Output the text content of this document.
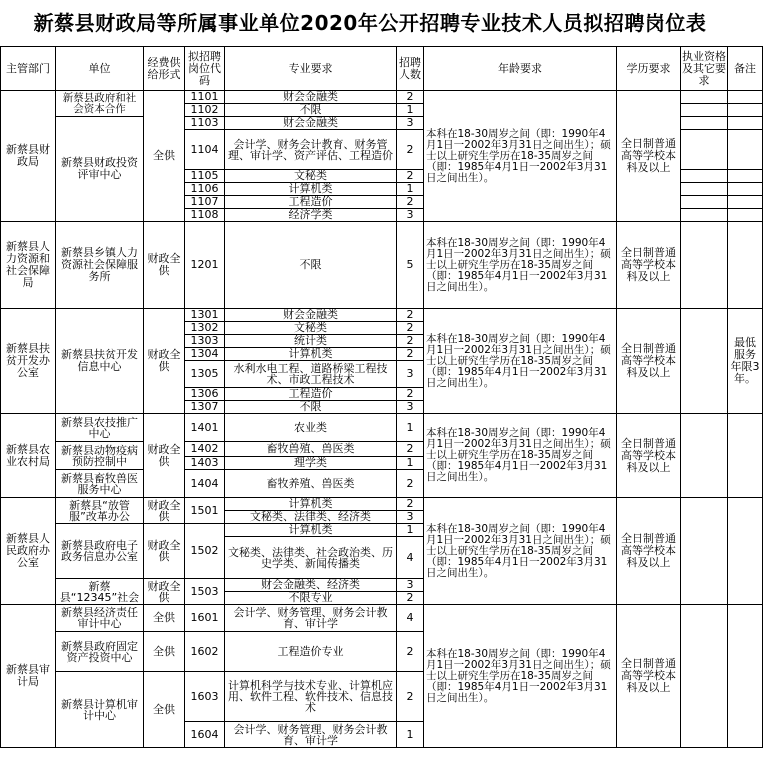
新蔡县财政局等所属事业单位2020年公开招聘专业技术人员拟招聘岗位表
主管部门	单位	经费供给形式	拟招聘岗位代码	专业要求	招聘人数	年龄要求	学历要求	执业资格及其它要求	备注
新蔡县财政局	新蔡县政府和社会资本合作	全供	1101	财会金融类	2	本科在18-30周岁之间（即：1990年4月1日一2002年3月31日之间出生）；硕士以上研究生学历在18-35周岁之间（即：1985年4月1日一2002年3月31日之间出生）。	全日制普通高等学校本科及以上		
			1102	不限	1				
	新蔡县财政投资评审中心		1103	财会金融类	3				
			1104	会计学、财务会计教育、财务管理、审计学、资产评估、工程造价	2				
			1105	文秘类	2				
			1106	计算机类	1				
			1107	工程造价	2				
			1108	经济学类	3				
新蔡县人力资源和社会保障局	新蔡县乡镇人力资源社会保障服务所	财政全供	1201	不限	5	本科在18-30周岁之间（即：1990年4月1日一2002年3月31日之间出生）；硕士以上研究生学历在18-35周岁之间（即：1985年4月1日一2002年3月31日之间出生）。	全日制普通高等学校本科及以上		
新蔡县扶贫开发办公室	新蔡县扶贫开发信息中心	财政全供	1301	财会金融类	2	本科在18-30周岁之间（即：1990年4月1日一2002年3月31日之间出生）；硕士以上研究生学历在18-35周岁之间（即：1985年4月1日一2002年3月31日之间出生）。	全日制普通高等学校本科及以上		最低服务年限3年。
			1302	文秘类	2				
			1303	统计类	2				
			1304	计算机类	2				
			1305	水利水电工程、道路桥梁工程技术、市政工程技术	3				
			1306	工程造价	2				
			1307	不限	3				
新蔡县农业农村局	新蔡县农技推广中心	财政全供	1401	农业类	1	本科在18-30周岁之间（即：1990年4月1日一2002年3月31日之间出生）；硕士以上研究生学历在18-35周岁之间（即：1985年4月1日一2002年3月31日之间出生）。	全日制普通高等学校本科及以上		
	新蔡县动物疫病预防控制中		1402	畜牧兽殖、兽医类	2				
			1403	理学类	1				
	新蔡县畜牧兽医服务中心		1404	畜牧养殖、兽医类	2				
新蔡县人民政府办公室	新蔡县“放管服”改革办公	财政全供	1501	计算机类	2	本科在18-30周岁之间（即：1990年4月1日一2002年3月31日之间出生）；硕士以上研究生学历在18-35周岁之间（即：1985年4月1日一2002年3月31日之间出生）。	全日制普通高等学校本科及以上		
				文秘类、法律类、经济类	3				
	新蔡县政府电子政务信息办公室	财政全供	1502	计算机类	1				
				文秘类、法律类、社会政治类、历史学类、新闻传播类	4				
	新蔡县“12345”社会	财政全供	1503	财会金融类、经济类	3				
				不限专业	2				
新蔡县审计局	新蔡县经济责任审计中心	全供	1601	会计学、财务管理、财务会计教育、审计学	4	本科在18-30周岁之间（即：1990年4月1日一2002年3月31日之间出生）；硕士以上研究生学历在18-35周岁之间（即：1985年4月1日一2002年3月31日之间出生）。	全日制普通高等学校本科及以上		
	新蔡县政府固定资产投资中心	全供	1602	工程造价专业	2				
	新蔡县计算机审计中心	全供	1603	计算机科学与技术专业、计算机应用、软件工程、软件技术、信息技术	2				
			1604	会计学、财务管理、财务会计教育、审计学	1				
